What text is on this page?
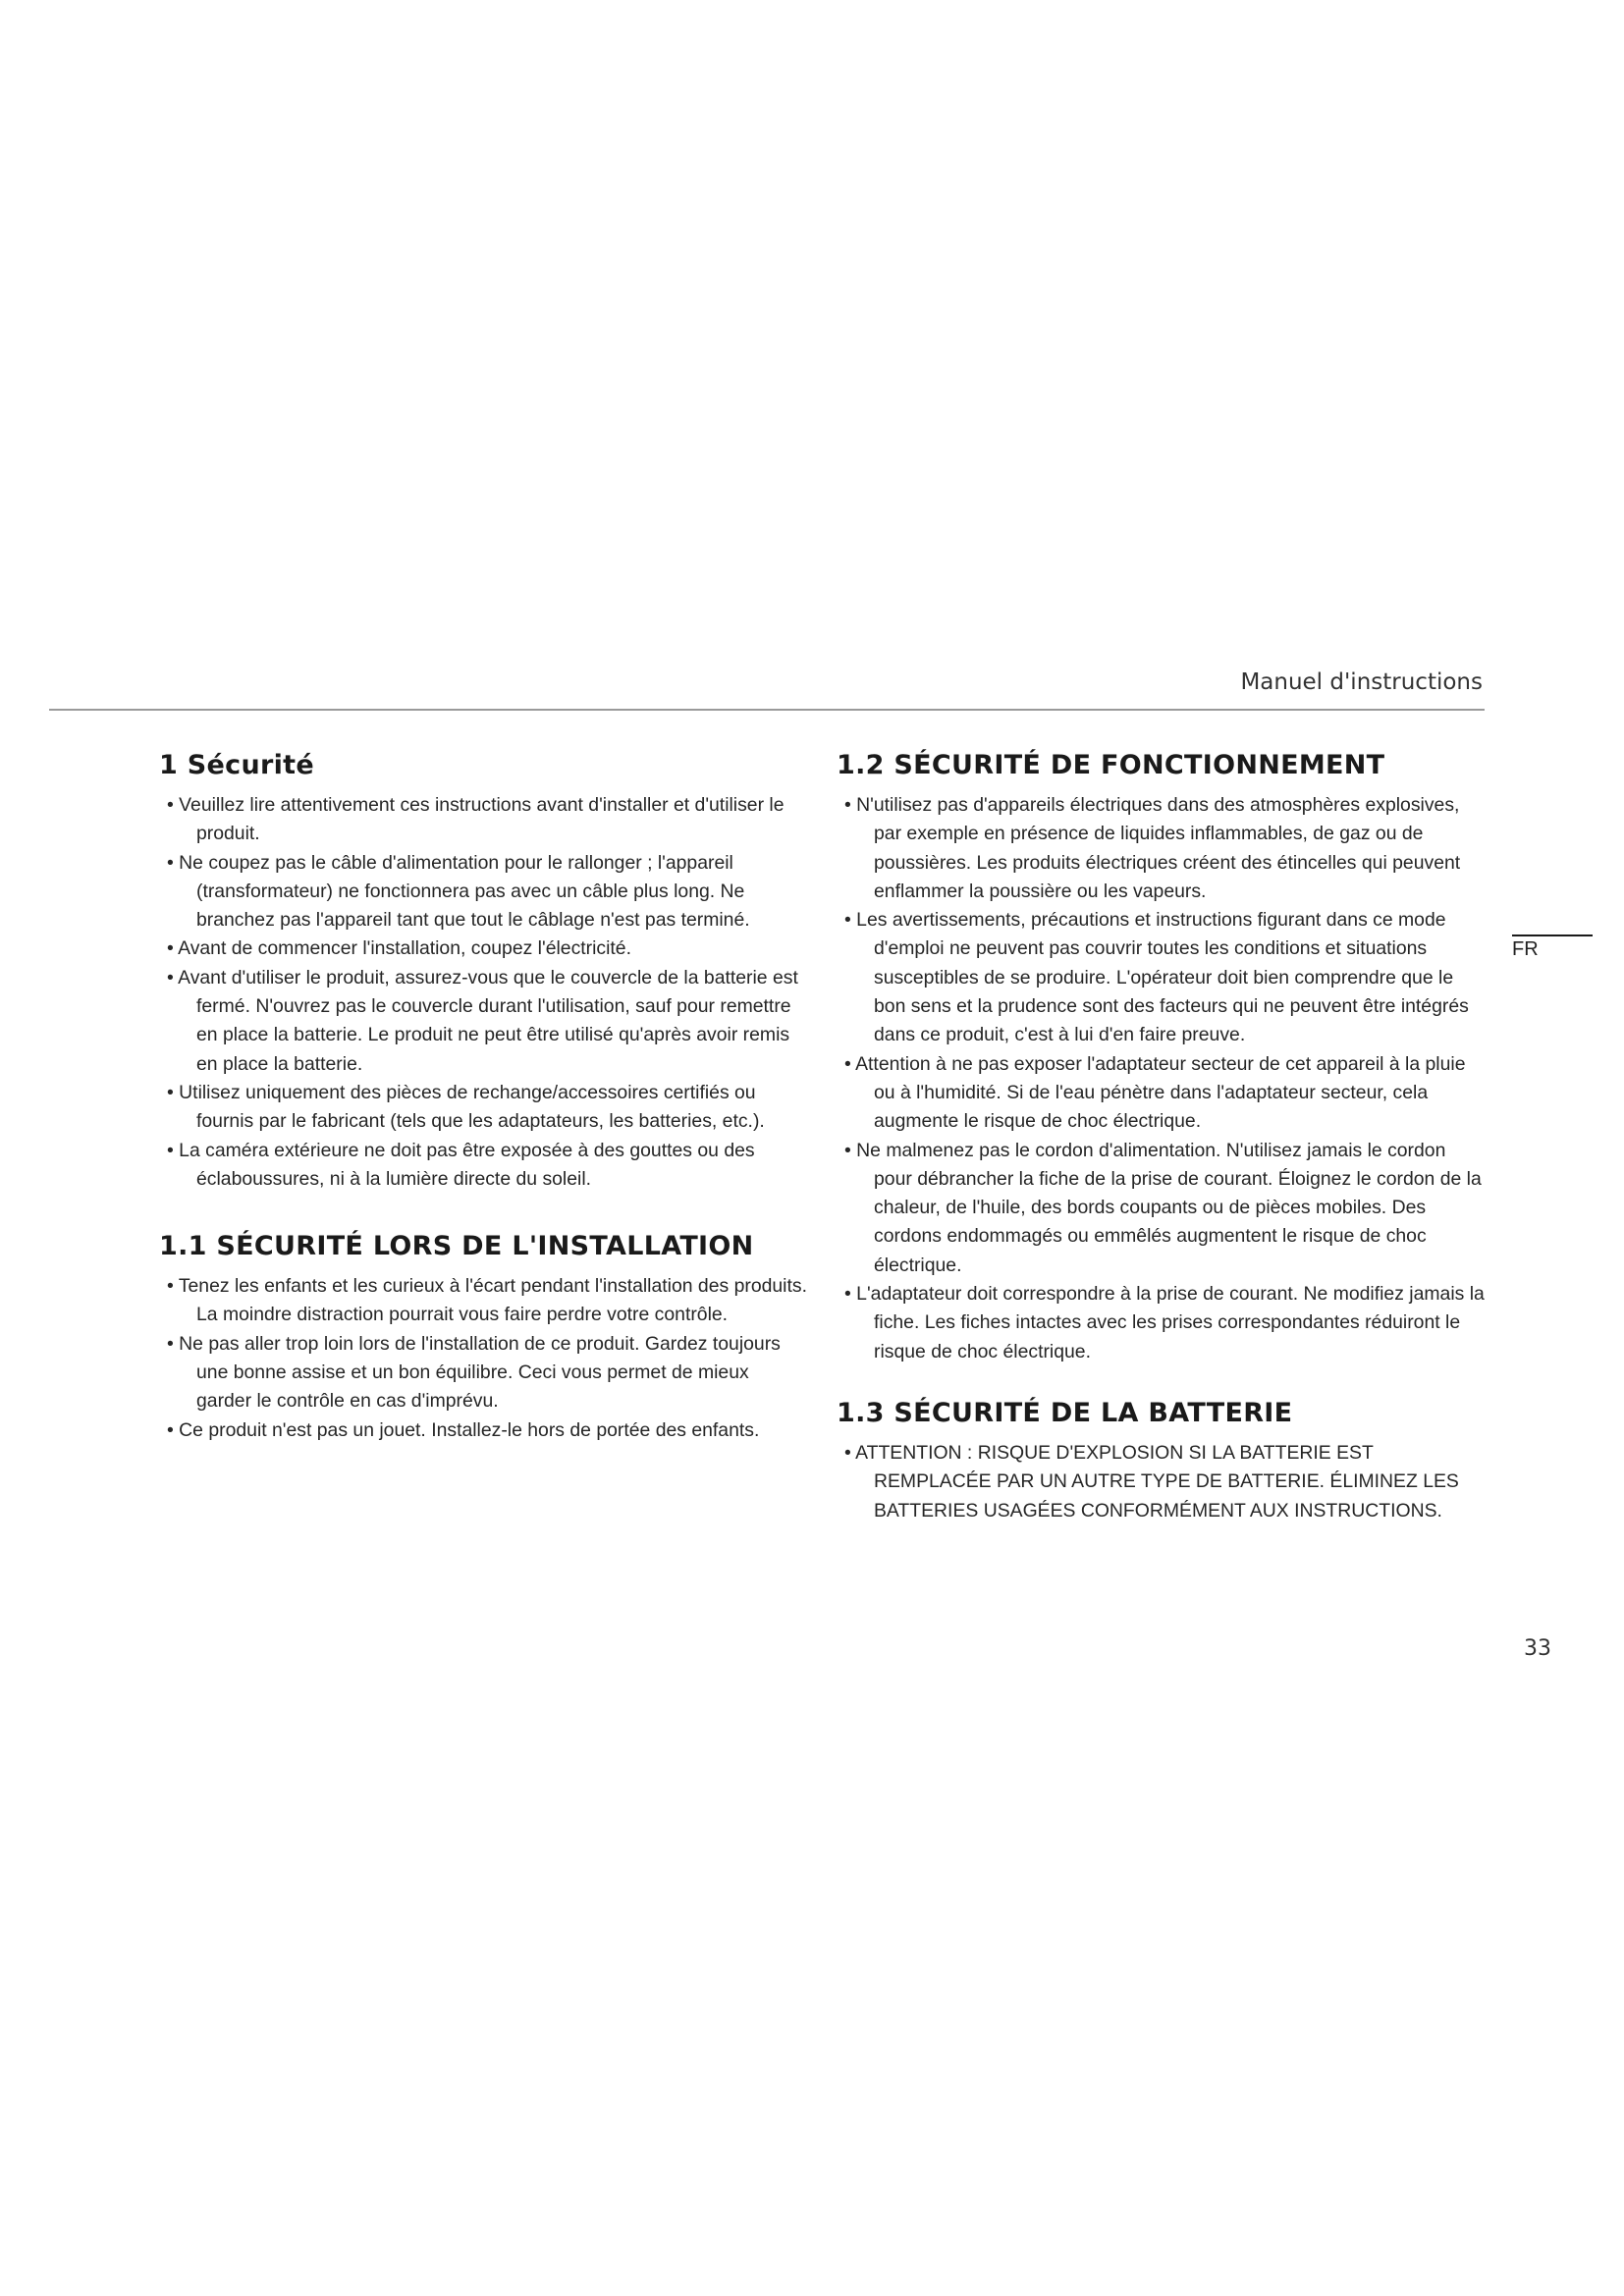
Manuel d'instructions
FR
1 Sécurité
• Veuillez lire attentivement ces instructions avant d'installer et d'utiliser le produit.
• Ne coupez pas le câble d'alimentation pour le rallonger ; l'appareil (transformateur) ne fonctionnera pas avec un câble plus long. Ne branchez pas l'appareil tant que tout le câblage n'est pas terminé.
• Avant de commencer l'installation, coupez l'électricité.
• Avant d'utiliser le produit, assurez-vous que le couvercle de la batterie est fermé. N'ouvrez pas le couvercle durant l'utilisation, sauf pour remettre en place la batterie. Le produit ne peut être utilisé qu'après avoir remis en place la batterie.
• Utilisez uniquement des pièces de rechange/accessoires certifiés ou fournis par le fabricant (tels que les adaptateurs, les batteries, etc.).
• La caméra extérieure ne doit pas être exposée à des gouttes ou des éclaboussures, ni à la lumière directe du soleil.
1.1 SÉCURITÉ LORS DE L'INSTALLATION
• Tenez les enfants et les curieux à l'écart pendant l'installation des produits. La moindre distraction pourrait vous faire perdre votre contrôle.
• Ne pas aller trop loin lors de l'installation de ce produit. Gardez toujours une bonne assise et un bon équilibre. Ceci vous permet de mieux garder le contrôle en cas d'imprévu.
• Ce produit n'est pas un jouet. Installez-le hors de portée des enfants.
1.2 SÉCURITÉ DE FONCTIONNEMENT
• N'utilisez pas d'appareils électriques dans des atmosphères explosives, par exemple en présence de liquides inflammables, de gaz ou de poussières. Les produits électriques créent des étincelles qui peuvent enflammer la poussière ou les vapeurs.
• Les avertissements, précautions et instructions figurant dans ce mode d'emploi ne peuvent pas couvrir toutes les conditions et situations susceptibles de se produire. L'opérateur doit bien comprendre que le bon sens et la prudence sont des facteurs qui ne peuvent être intégrés dans ce produit, c'est à lui d'en faire preuve.
• Attention à ne pas exposer l'adaptateur secteur de cet appareil à la pluie ou à l'humidité. Si de l'eau pénètre dans l'adaptateur secteur, cela augmente le risque de choc électrique.
• Ne malmenez pas le cordon d'alimentation. N'utilisez jamais le cordon pour débrancher la fiche de la prise de courant. Éloignez le cordon de la chaleur, de l'huile, des bords coupants ou de pièces mobiles. Des cordons endommagés ou emmêlés augmentent le risque de choc électrique.
• L'adaptateur doit correspondre à la prise de courant. Ne modifiez jamais la fiche. Les fiches intactes avec les prises correspondantes réduiront le risque de choc électrique.
1.3 SÉCURITÉ DE LA BATTERIE
• ATTENTION : RISQUE D'EXPLOSION SI LA BATTERIE EST REMPLACÉE PAR UN AUTRE TYPE DE BATTERIE. ÉLIMINEZ LES BATTERIES USAGÉES CONFORMÉMENT AUX INSTRUCTIONS.
33
